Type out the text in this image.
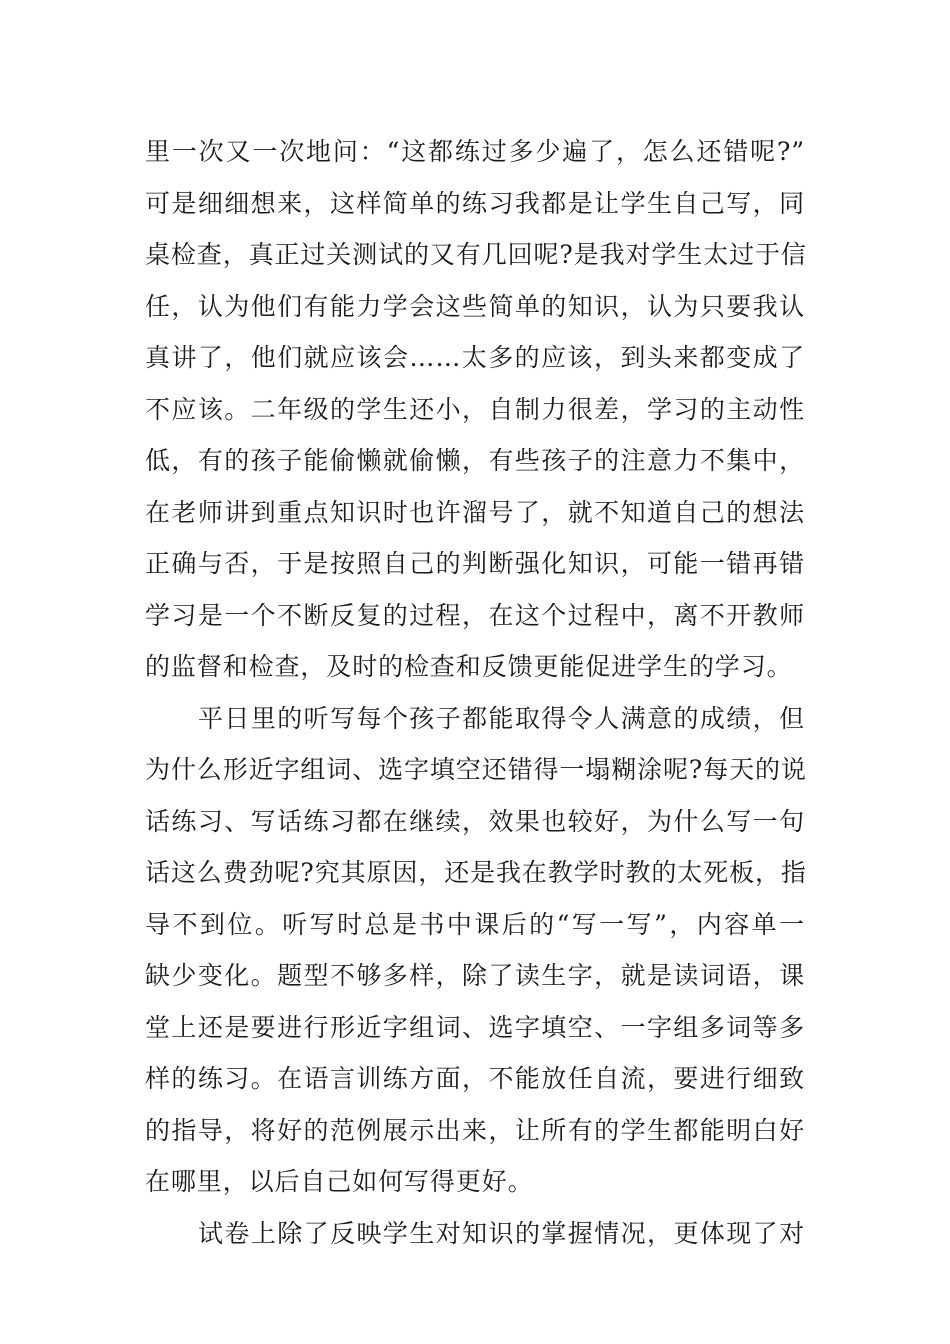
里一次又一次地问：“这都练过多少遍了，怎么还错呢?”
可是细细想来，这样简单的练习我都是让学生自己写，同
桌检查，真正过关测试的又有几回呢?是我对学生太过于信
任，认为他们有能力学会这些简单的知识，认为只要我认
真讲了，他们就应该会……太多的应该，到头来都变成了
不应该。二年级的学生还小，自制力很差，学习的主动性
低，有的孩子能偷懒就偷懒，有些孩子的注意力不集中，
在老师讲到重点知识时也许溜号了，就不知道自己的想法
正确与否，于是按照自己的判断强化知识，可能一错再错
学习是一个不断反复的过程，在这个过程中，离不开教师
的监督和检查，及时的检查和反馈更能促进学生的学习。
平日里的听写每个孩子都能取得令人满意的成绩，但
为什么形近字组词、选字填空还错得一塌糊涂呢?每天的说
话练习、写话练习都在继续，效果也较好，为什么写一句
话这么费劲呢?究其原因，还是我在教学时教的太死板，指
导不到位。听写时总是书中课后的“写一写”，内容单一
缺少变化。题型不够多样，除了读生字，就是读词语，课
堂上还是要进行形近字组词、选字填空、一字组多词等多
样的练习。在语言训练方面，不能放任自流，要进行细致
的指导，将好的范例展示出来，让所有的学生都能明白好
在哪里，以后自己如何写得更好。
试卷上除了反映学生对知识的掌握情况，更体现了对
